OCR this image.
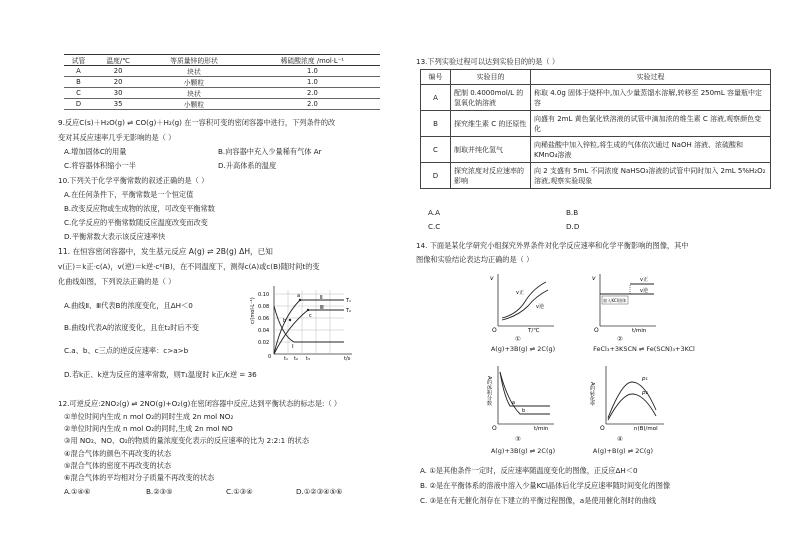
试管	温度/℃	等质量锌的形状	稀硫酸浓度 /mol·L⁻¹
A	20	块状	1.0
B	20	小颗粒	1.0
C	30	块状	2.0
D	35	小颗粒	2.0
9.反应C(s)＋H₂O(g) ⇌ CO(g)＋H₂(g) 在一容积可变的密闭容器中进行，下列条件的改
变对其反应速率几乎无影响的是（ ）
A.增加固体C的用量	B.向容器中充入少量稀有气体 Ar
C.将容器体积缩小一半	D.升高体系的温度
10.下列关于化学平衡常数的叙述正确的是（ ）
A.在任何条件下，平衡常数是一个恒定值
B.改变反应物或生成物的浓度，可改变平衡常数
C.化学反应的平衡常数随反应温度改变而改变
D.平衡常数大表示该反应速率快
11. 在恒容密闭容器中，发生基元反应 A(g) ⇌ 2B(g) ΔH，已知
v(正)＝k正·c(A)，v(逆)＝k逆·c²(B)，在不同温度下，测得c(A)或c(B)随时间t的变
化曲线如图，下列说法正确的是（ ）
A.曲线Ⅱ、Ⅲ代表B的浓度变化，且ΔH＜0
B.曲线Ⅰ代表A的浓度变化，且在t₂时后不变
C.a、b、c三点的逆反应速率：c>a>b
D.若k正、k逆为反应的速率常数，则T₁温度时 k正/k逆 = 36
c/(mol·L⁻¹)
0.10
0.08
0.06
0.04
0.02
0	t₁ t₂ t₃	t/s
Ⅰ
Ⅱ
Ⅲ
T₁
T₂
a
b
c
12.可逆反应:2NO₂(g) ⇌ 2NO(g)+O₂(g)在密闭容器中反应,达到平衡状态的标志是:（ ）
①单位时间内生成 n mol O₂的同时生成 2n mol NO₂
②单位时间内生成 n mol O₂的同时,生成 2n mol NO
③用 NO₂、NO、O₂的物质的量浓度变化表示的反应速率的比为 2:2:1 的状态
④混合气体的颜色不再改变的状态
⑤混合气体的密度不再改变的状态
⑥混合气体的平均相对分子质量不再改变的状态
A.①④⑥	B.②③⑤	C.①③④	D.①②③④⑤⑥
13.下列实验过程可以达到实验目的的是（ ）
编号	实验目的	实验过程
A	配制 0.4000mol/L 的氢氧化钠溶液	称取 4.0g 固体于烧杯中,加入少量蒸馏水溶解,转移至 250mL 容量瓶中定容
B	探究维生素 C 的还原性	向盛有 2mL 黄色氯化铁溶液的试管中滴加浓的维生素 C 溶液,观察颜色变化
C	制取并纯化氢气	向稀盐酸中加入锌粒,将生成的气体依次通过 NaOH 溶液、浓硫酸和 KMnO₄溶液
D	探究浓度对反应速率的影响	向 2 支盛有 5mL 不同浓度 NaHSO₃溶液的试管中同时加入 2mL 5%H₂O₂溶液,观察实验现象
A.A	B.B
C.C	D.D
14. 下面是某化学研究小组探究外界条件对化学反应速率和化学平衡影响的图像，其中
图像和实验结论表达均正确的是（ ）
v
T/℃
O
v正
v逆
A(g)+3B(g) ⇌ 2C(g)
①
v
t/min
O
加入KCl固体
v正
v逆
FeCl₃+3KSCN ⇌ Fe(SCN)₃+3KCl
②
A的体积分数
t/min
O
a
b
A(g)+3B(g) ⇌ 2C(g)
③
A的转化率
n(B)/mol
O
p₁
p₂
A(g)+B(g) ⇌ 2C(g)
④
A. ①是其他条件一定时，反应速率随温度变化的图像，正反应ΔH＜0
B. ②是在平衡体系的溶液中溶入少量KCl晶体后化学反应速率随时间变化的图像
C. ③是在有无催化剂存在下建立的平衡过程图像，a是使用催化剂时的曲线
